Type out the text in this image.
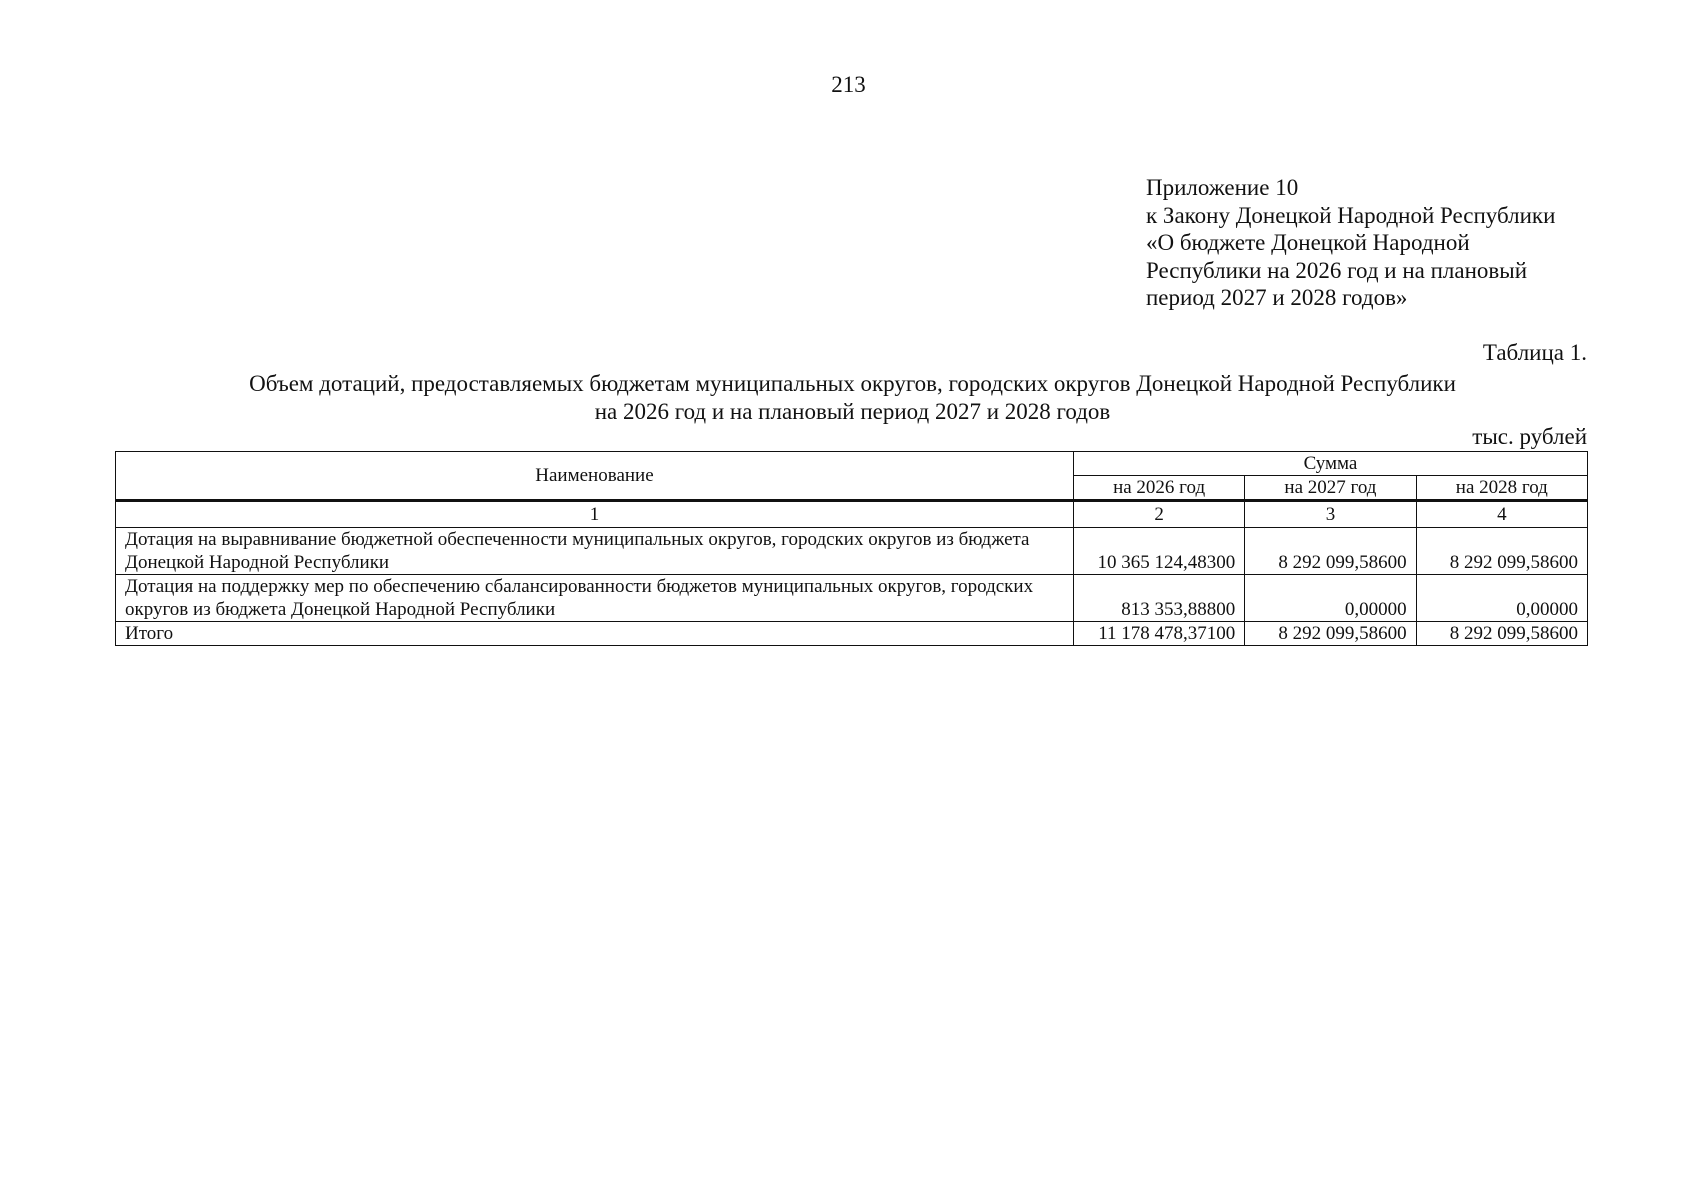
213
Приложение 10
к Закону Донецкой Народной Республики
«О бюджете Донецкой Народной
Республики на 2026 год и на плановый
период 2027 и 2028 годов»
Таблица 1.
Объем дотаций, предоставляемых бюджетам муниципальных округов, городских округов Донецкой Народной Республики
на 2026 год и на плановый период 2027 и 2028 годов
тыс. рублей
Наименование	Сумма		
	на 2026 год	на 2027 год	на 2028 год
1	2	3	4
Дотация на выравнивание бюджетной обеспеченности муниципальных округов, городских округов из бюджета Донецкой Народной Республики	10 365 124,48300	8 292 099,58600	8 292 099,58600
Дотация на поддержку мер по обеспечению сбалансированности бюджетов муниципальных округов, городских округов из бюджета Донецкой Народной Республики	813 353,88800	0,00000	0,00000
Итого	11 178 478,37100	8 292 099,58600	8 292 099,58600
